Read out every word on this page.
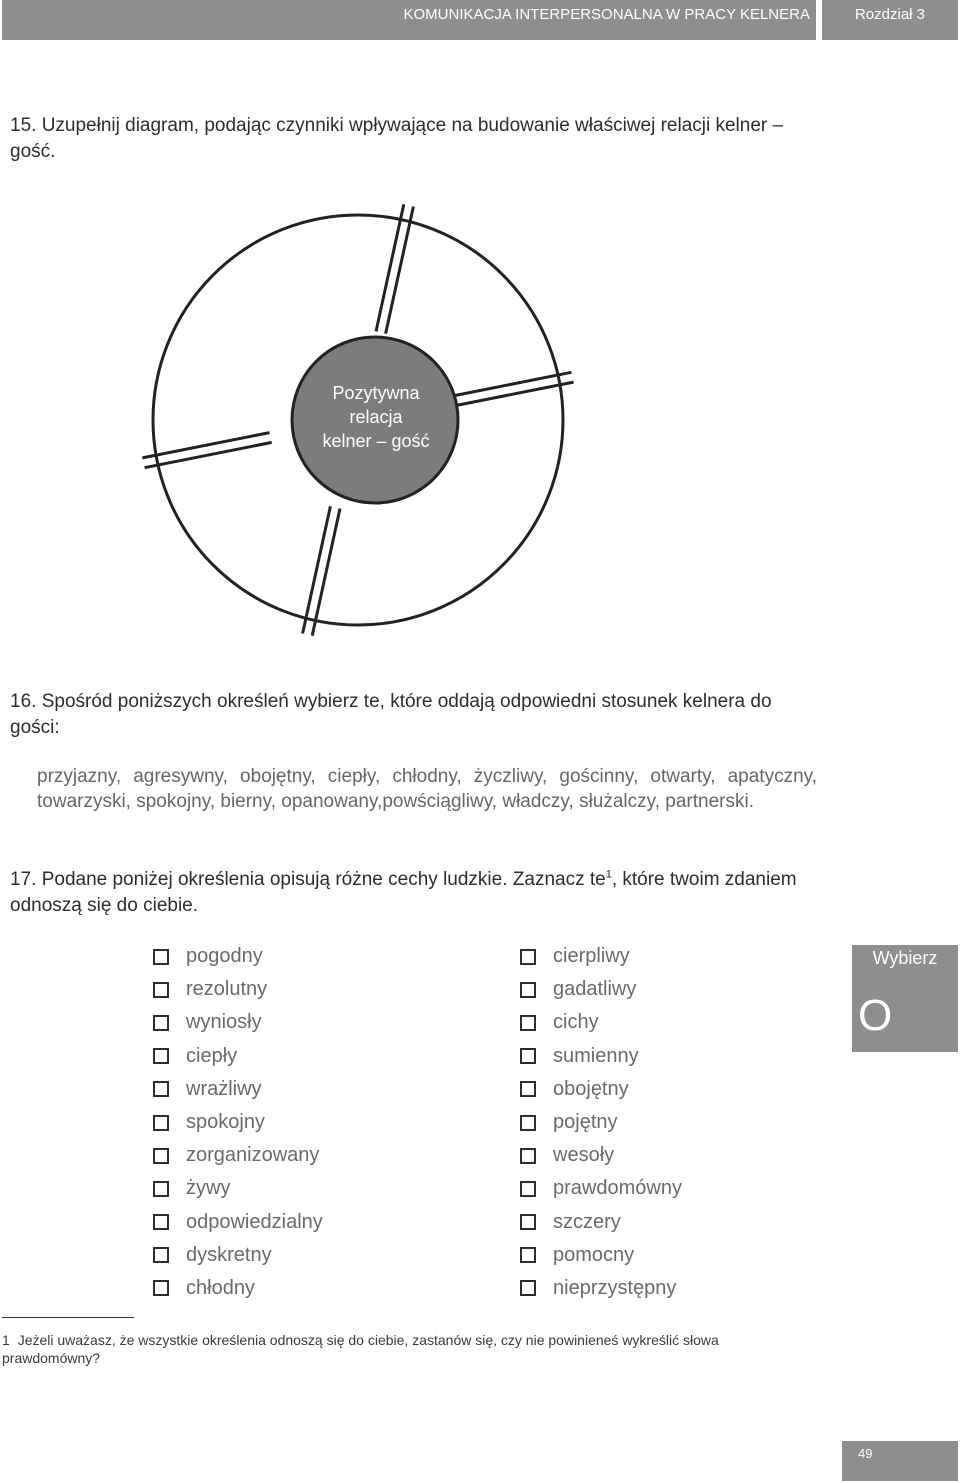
KOMUNIKACJA INTERPERSONALNA W PRACY KELNERA	Rozdział 3
15. Uzupełnij diagram, podając czynniki wpływające na budowanie właściwej relacji kelner – gość.
Pozytywna
relacja
kelner – gość
16. Spośród poniższych określeń wybierz te, które oddają odpowiedni stosunek kelnera do gości:
przyjazny, agresywny, obojętny, ciepły, chłodny, życzliwy, gościnny, otwarty, apatyczny, towarzyski, spokojny, bierny, opanowany,powściągliwy, władczy, służalczy, partnerski.
17. Podane poniżej określenia opisują różne cechy ludzkie. Zaznacz $te^1$, które twoim zdaniem odnoszą się do ciebie.
pogodny
rezolutny
wyniosły
ciepły
wrażliwy
spokojny
zorganizowany
żywy
odpowiedzialny
dyskretny
chłodny
cierpliwy
gadatliwy
cichy
sumienny
obojętny
pojętny
wesoły
prawdomówny
szczery
pomocny
nieprzystępny
Wybierz
O
1 Jeżeli uważasz, że wszystkie określenia odnoszą się do ciebie, zastanów się, czy nie powinieneś wykreślić słowa prawdomówny?
49
